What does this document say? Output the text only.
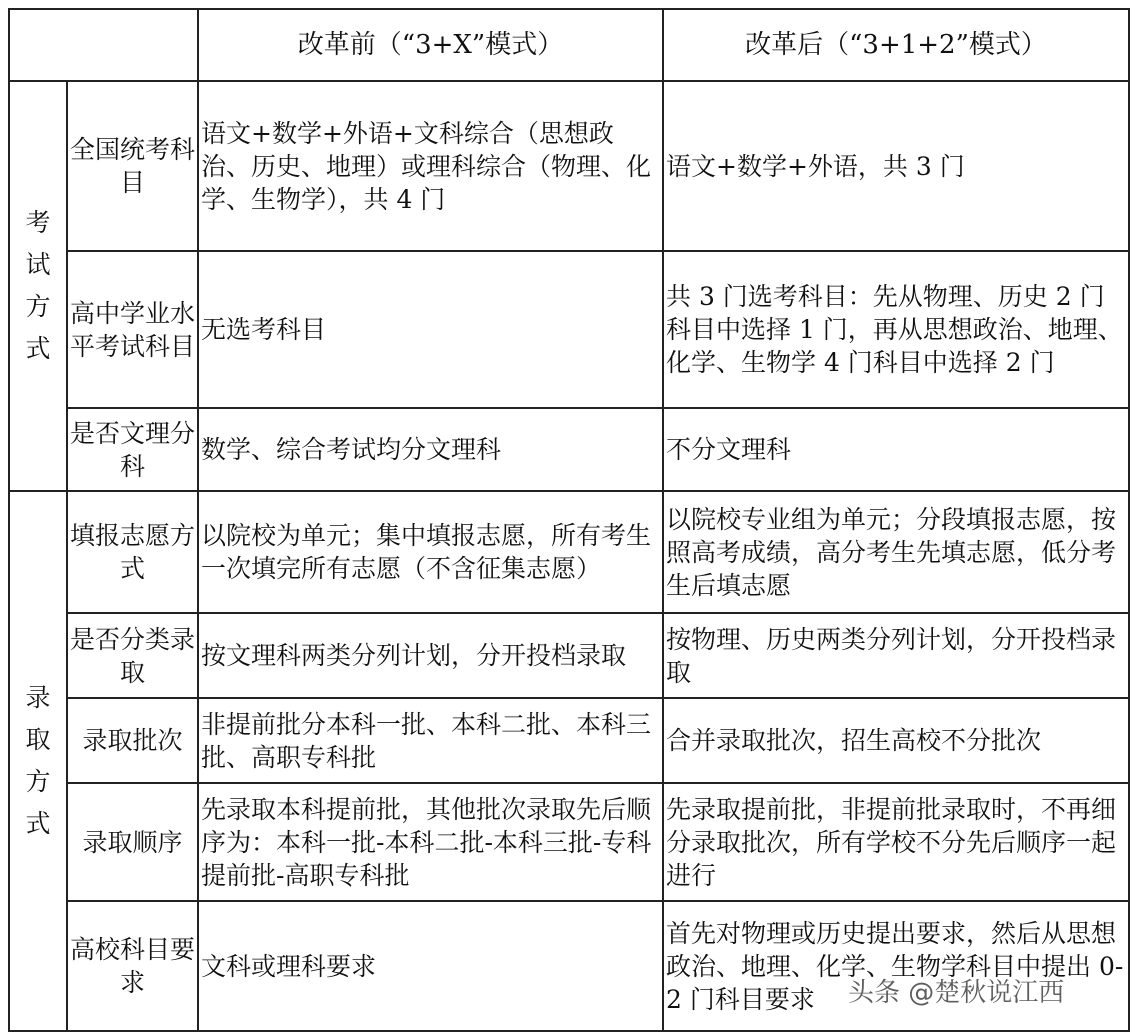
		改革前（“3+X”模式）	改革后（“3+1+2”模式）

考试方式	全国统考科目	语文+数学+外语+文科综合（思想政治、历史、地理）或理科综合（物理、化学、生物学），共 4 门	语文+数学+外语，共 3 门
	高中学业水平考试科目	无选考科目	共 3 门选考科目：先从物理、历史 2 门科目中选择 1 门，再从思想政治、地理、化学、生物学 4 门科目中选择 2 门
	是否文理分科	数学、综合考试均分文理科	不分文理科

录取方式	填报志愿方式	以院校为单元；集中填报志愿，所有考生一次填完所有志愿（不含征集志愿）	以院校专业组为单元；分段填报志愿，按照高考成绩，高分考生先填志愿，低分考生后填志愿
	是否分类录取	按文理科两类分列计划，分开投档录取	按物理、历史两类分列计划，分开投档录取
	录取批次	非提前批分本科一批、本科二批、本科三批、高职专科批	合并录取批次，招生高校不分批次
	录取顺序	先录取本科提前批，其他批次录取先后顺序为：本科一批-本科二批-本科三批-专科提前批-高职专科批	先录取提前批，非提前批录取时，不再细分录取批次，所有学校不分先后顺序一起进行
	高校科目要求	文科或理科要求	首先对物理或历史提出要求，然后从思想政治、地理、化学、生物学科目中提出 0-2 门科目要求 头条 @楚秋说江西
